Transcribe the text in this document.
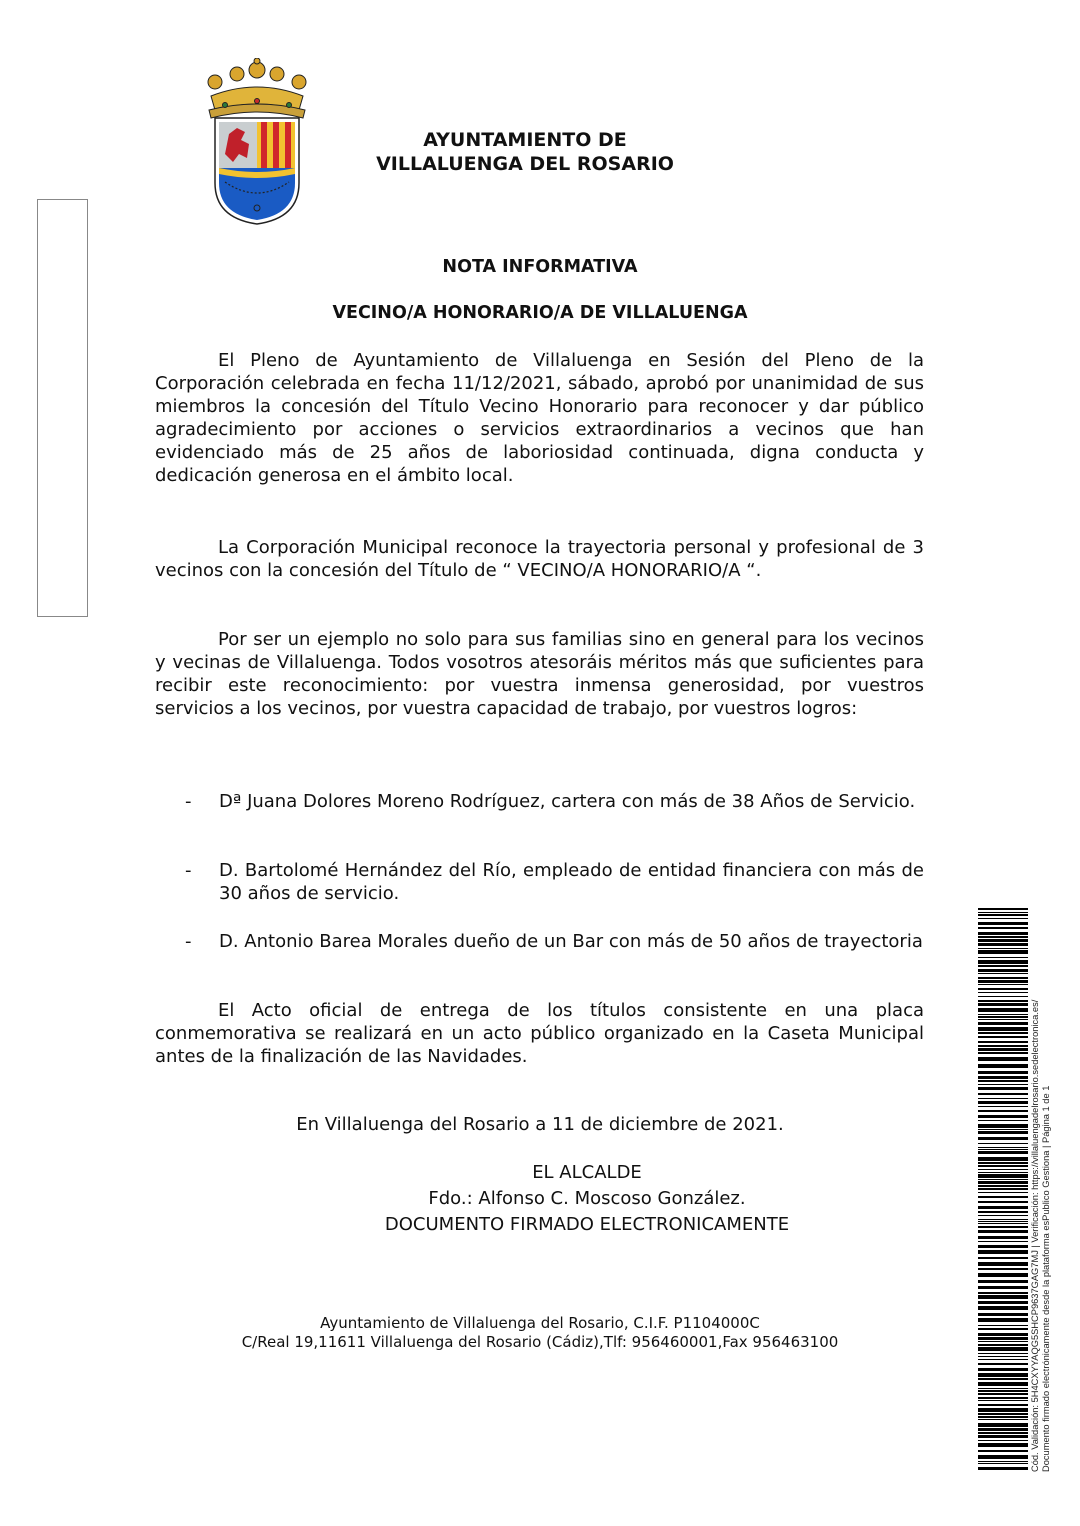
AYUNTAMIENTO DE
VILLALUENGA DEL ROSARIO
NOTA INFORMATIVA
VECINO/A HONORARIO/A DE VILLALUENGA

El Pleno de Ayuntamiento de Villaluenga en Sesión del Pleno de la Corporación celebrada en fecha 11/12/2021, sábado, aprobó por unanimidad de sus miembros la concesión del Título Vecino Honorario para reconocer y dar público agradecimiento por acciones o servicios extraordinarios a vecinos que han evidenciado más de 25 años de laboriosidad continuada, digna conducta y dedicación generosa en el ámbito local.

La Corporación Municipal reconoce la trayectoria personal y profesional de 3 vecinos con la concesión del Título de “ VECINO/A HONORARIO/A “.

Por ser un ejemplo no solo para sus familias sino en general para los vecinos y vecinas de Villaluenga. Todos vosotros atesoráis méritos más que suficientes para recibir este reconocimiento: por vuestra inmensa generosidad, por vuestros servicios a los vecinos, por vuestra capacidad de trabajo, por vuestros logros:

- Dª Juana Dolores Moreno Rodríguez, cartera con más de 38 Años de Servicio.
- D. Bartolomé Hernández del Río, empleado de entidad financiera con más de 30 años de servicio.
- D. Antonio Barea Morales dueño de un Bar con más de 50 años de trayectoria

El Acto oficial de entrega de los títulos consistente en una placa conmemorativa se realizará en un acto público organizado en la Caseta Municipal antes de la finalización de las Navidades.

En Villaluenga del Rosario a 11 de diciembre de 2021.
EL ALCALDE
Fdo.: Alfonso C. Moscoso González.
DOCUMENTO FIRMADO ELECTRONICAMENTE
Ayuntamiento de Villaluenga del Rosario, C.I.F. P1104000C
C/Real 19,11611 Villaluenga del Rosario (Cádiz),Tlf: 956460001,Fax 956463100	Cód. Validación: 5H4CXYYAQG5SHCP9637GAG7MJ | Verificación: https://villaluengadelrosario.sedelectronica.es/ Documento firmado electrónicamente desde la plataforma esPublico Gestiona | Página 1 de 1
